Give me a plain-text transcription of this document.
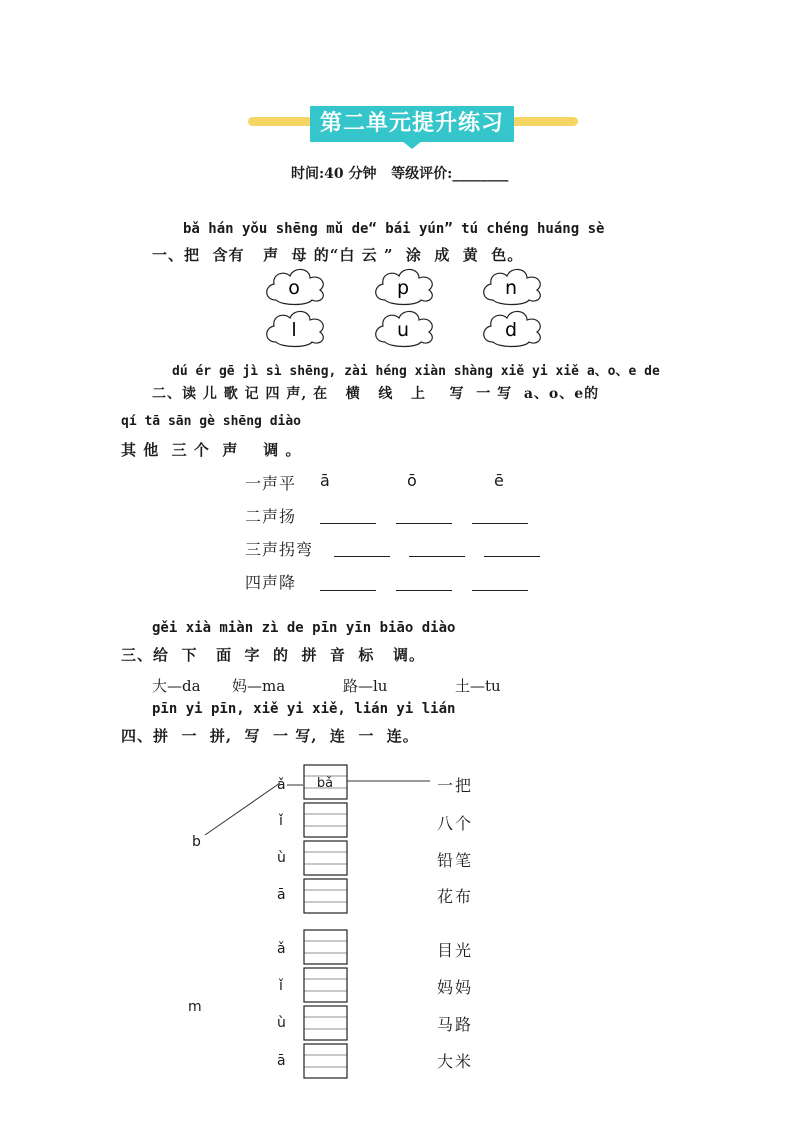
第二单元提升练习
时间:40 分钟   等级评价:________
bǎ hán yǒu shēng mǔ de“ bái yún” tú chéng huáng sè
一、把  含有   声  母 的“白 云 ”  涂  成  黄  色。
o	p	n
l	u	d
dú ér gē jì sì shēng, zài héng xiàn shàng xiě yi xiě a、o、e de
二、读 儿 歌 记 四 声, 在   横   线   上    写  一 写  a、o、e的
qí tā sān gè shēng diào
其 他  三 个  声    调 。
一声平 ā	ō	ē
二声扬
三声拐弯
四声降
gěi xià miàn zì de pīn yīn biāo diào
三、给  下   面  字  的  拼  音  标   调。
大—da 妈—ma	路—lu	土—tu
pīn yi pīn, xiě yi xiě, lián yi lián
四、拼  一  拼,  写  一 写,  连  一  连。
b
ǎ
ǐ
ù
ā
bǎ	一把
八个
铅笔
花布
m
ǎ
ǐ
ù
ā
目光
妈妈
马路
大米
